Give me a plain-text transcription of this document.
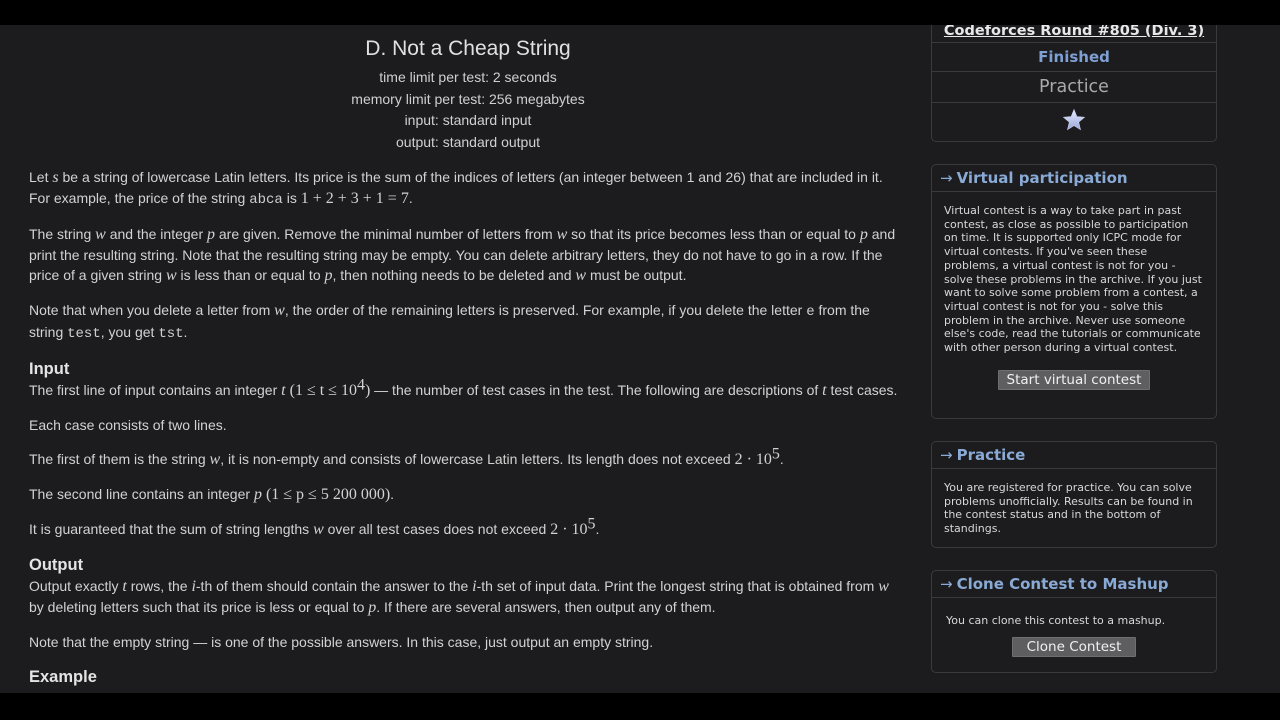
D. Not a Cheap String
time limit per test: 2 seconds
memory limit per test: 256 megabytes
input: standard input
output: standard output

Let s be a string of lowercase Latin letters. Its price is the sum of the indices of letters (an integer between 1 and 26) that are included in it. For example, the price of the string abca is 1 + 2 + 3 + 1 = 7.

The string w and the integer p are given. Remove the minimal number of letters from w so that its price becomes less than or equal to p and print the resulting string. Note that the resulting string may be empty. You can delete arbitrary letters, they do not have to go in a row. If the price of a given string w is less than or equal to p, then nothing needs to be deleted and w must be output.

Note that when you delete a letter from w, the order of the remaining letters is preserved. For example, if you delete the letter e from the string test, you get tst.

Input

The first line of input contains an integer t $(1 \le t \le 10^4)$ — the number of test cases in the test. The following are descriptions of t test cases.

Each case consists of two lines.

The first of them is the string w, it is non-empty and consists of lowercase Latin letters. Its length does not exceed $2 \cdot 10^5$.

The second line contains an integer p (1 ≤ p ≤ 5 200 000).

It is guaranteed that the sum of string lengths w over all test cases does not exceed $2 \cdot 10^5$.

Output

Output exactly t rows, the i-th of them should contain the answer to the i-th set of input data. Print the longest string that is obtained from w by deleting letters such that its price is less or equal to p. If there are several answers, then output any of them.

Note that the empty string — is one of the possible answers. In this case, just output an empty string.

Example
Codeforces Round #805 (Div. 3)
Finished
Practice
→ Virtual participation
Virtual contest is a way to take part in past contest, as close as possible to participation on time. It is supported only ICPC mode for virtual contests. If you've seen these problems, a virtual contest is not for you - solve these problems in the archive. If you just want to solve some problem from a contest, a virtual contest is not for you - solve this problem in the archive. Never use someone else's code, read the tutorials or communicate with other person during a virtual contest.
Start virtual contest
→ Practice
You are registered for practice. You can solve problems unofficially. Results can be found in the contest status and in the bottom of standings.
→ Clone Contest to Mashup
You can clone this contest to a mashup.
Clone Contest
